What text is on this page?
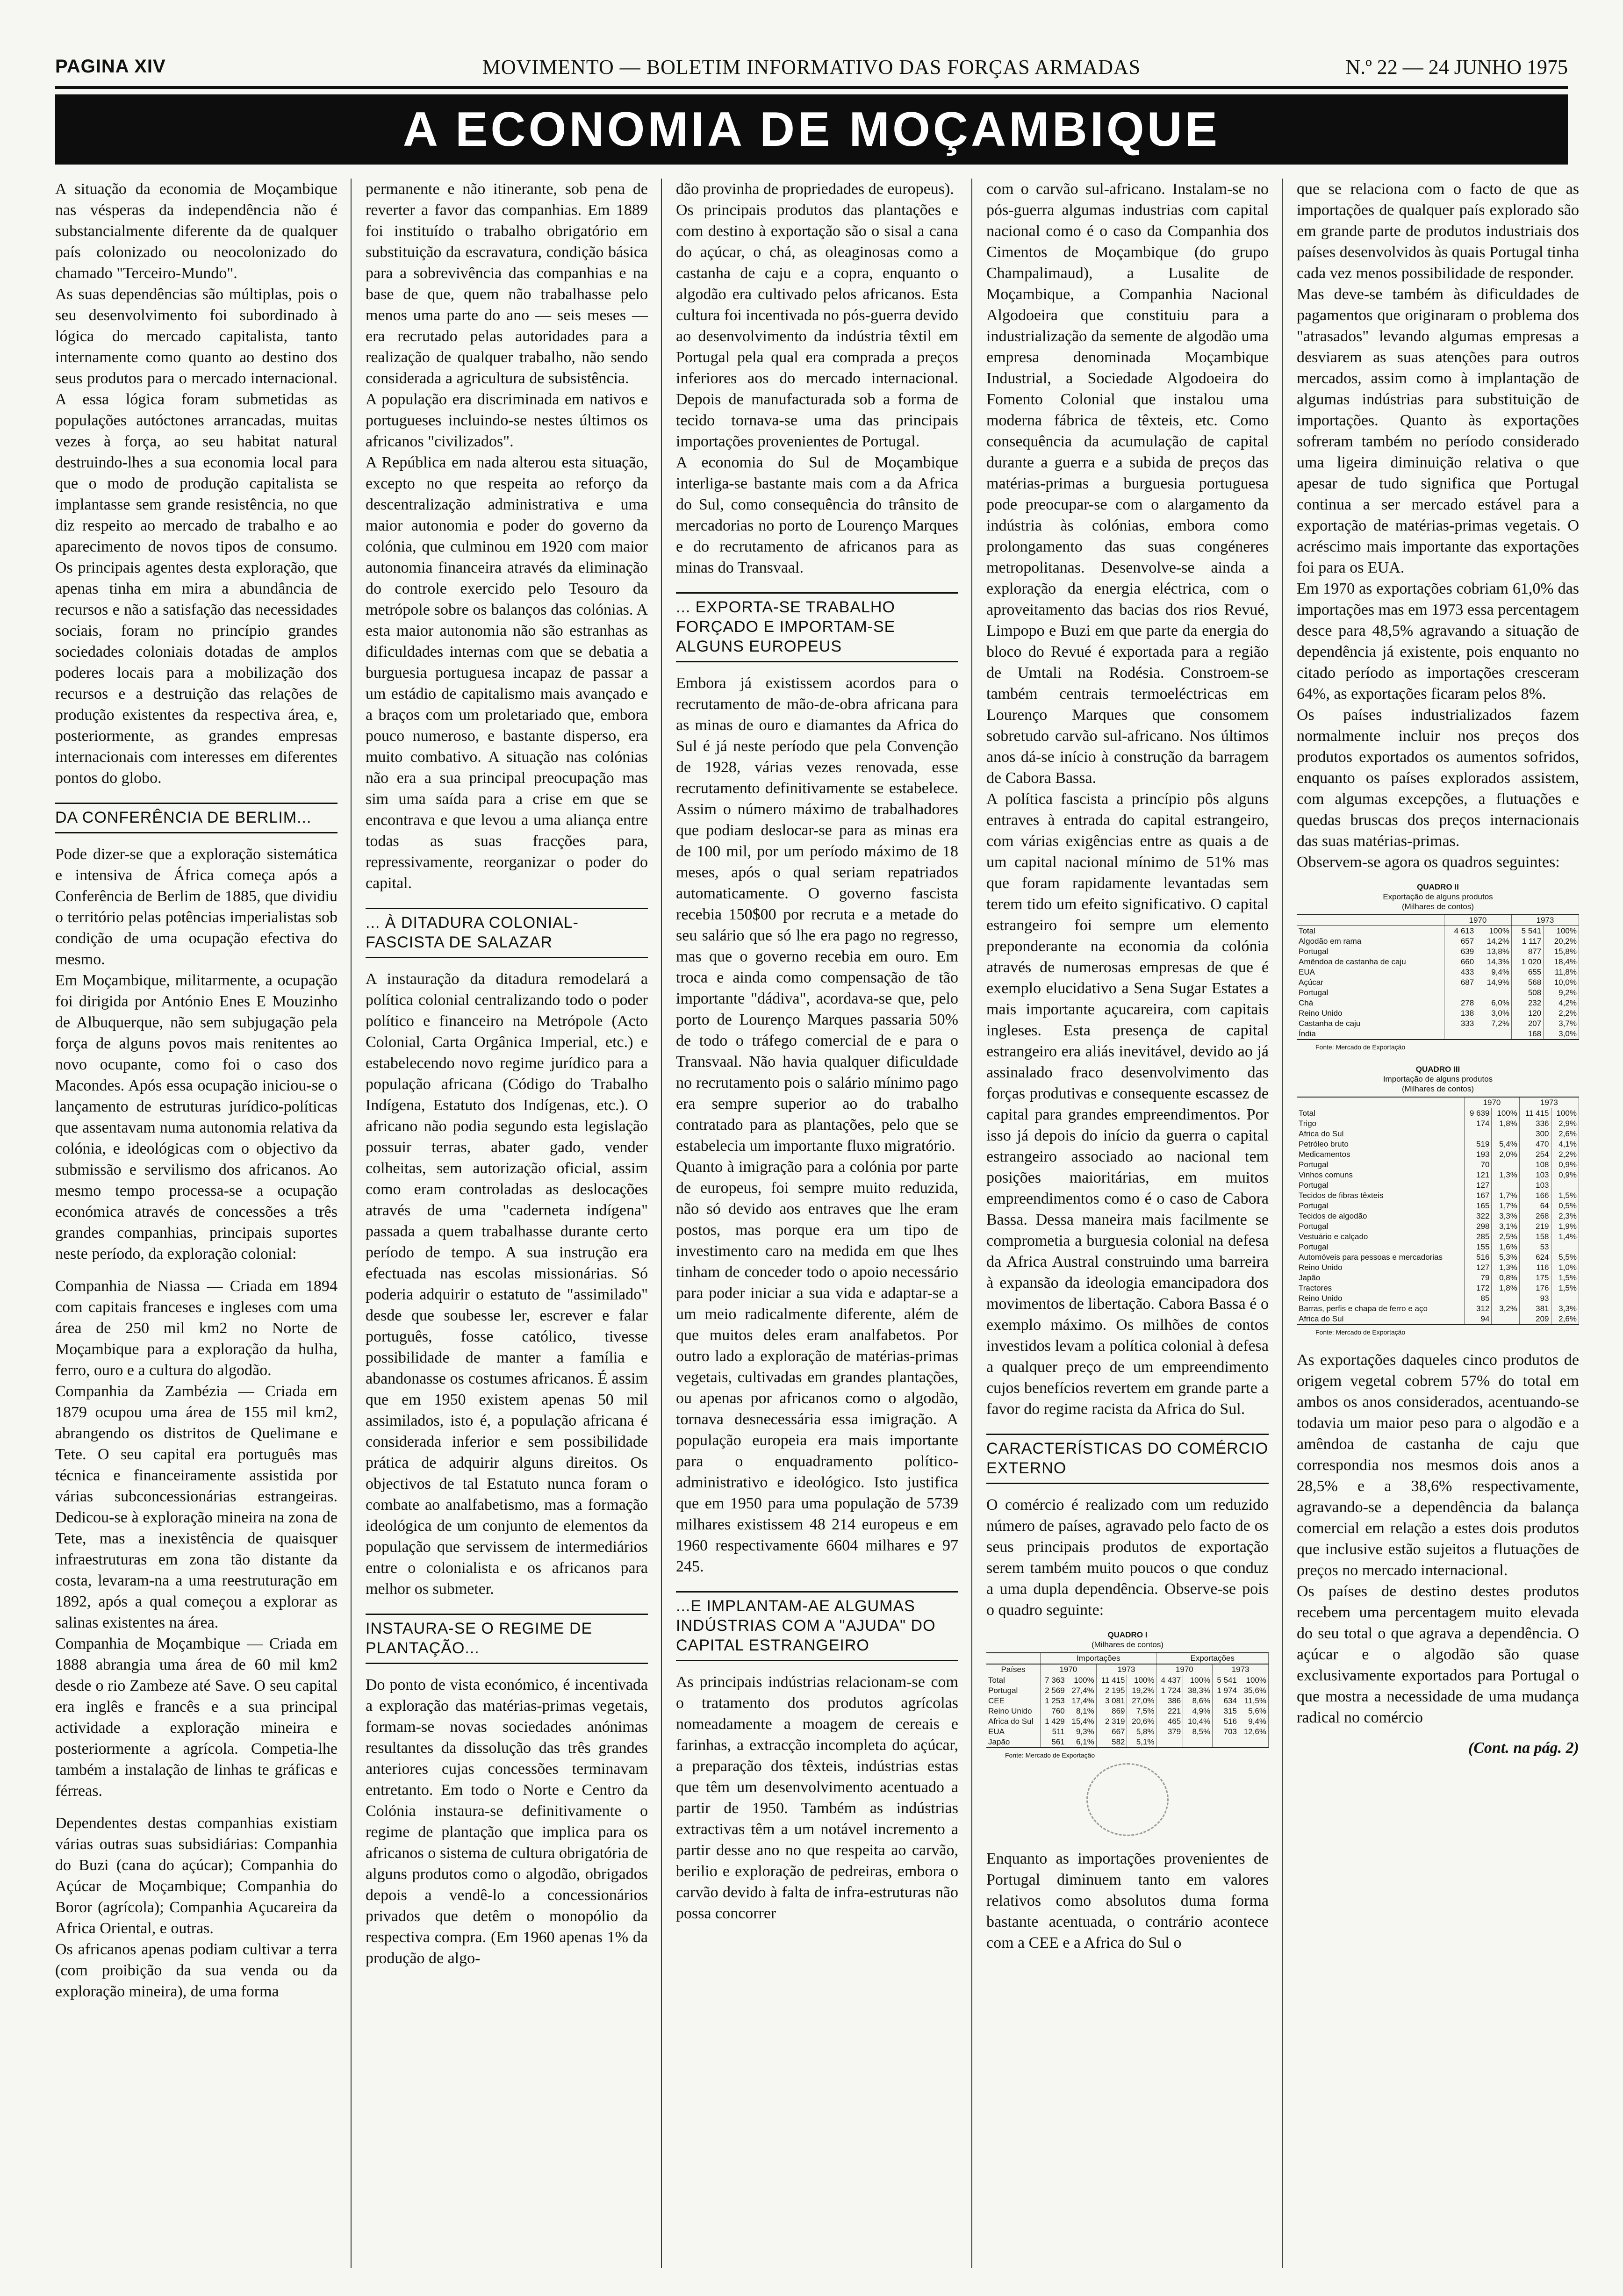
PAGINA XIV	MOVIMENTO — BOLETIM INFORMATIVO DAS FORÇAS ARMADAS	N.º 22 — 24 JUNHO 1975
A ECONOMIA DE MOÇAMBIQUE

A situação da economia de Moçambique nas vésperas da independência não é substancialmente diferente da de qualquer país colonizado ou neocolonizado do chamado "Terceiro-Mundo".

As suas dependências são múltiplas, pois o seu desenvolvimento foi subordinado à lógica do mercado capitalista, tanto internamente como quanto ao destino dos seus produtos para o mercado internacional. A essa lógica foram submetidas as populações autóctones arrancadas, muitas vezes à força, ao seu habitat natural destruindo-lhes a sua economia local para que o modo de produção capitalista se implantasse sem grande resistência, no que diz respeito ao mercado de trabalho e ao aparecimento de novos tipos de consumo. Os principais agentes desta exploração, que apenas tinha em mira a abundância de recursos e não a satisfação das necessidades sociais, foram no princípio grandes sociedades coloniais dotadas de amplos poderes locais para a mobilização dos recursos e a destruição das relações de produção existentes da respectiva área, e, posteriormente, as grandes empresas internacionais com interesses em diferentes pontos do globo.

DA CONFERÊNCIA DE BERLIM...

Pode dizer-se que a exploração sistemática e intensiva de África começa após a Conferência de Berlim de 1885, que dividiu o território pelas potências imperialistas sob condição de uma ocupação efectiva do mesmo.

Em Moçambique, militarmente, a ocupação foi dirigida por António Enes E Mouzinho de Albuquerque, não sem subjugação pela força de alguns povos mais renitentes ao novo ocupante, como foi o caso dos Macondes. Após essa ocupação iniciou-se o lançamento de estruturas jurídico-políticas que assentavam numa autonomia relativa da colónia, e ideológicas com o objectivo da submissão e servilismo dos africanos. Ao mesmo tempo processa-se a ocupação económica através de concessões a três grandes companhias, principais suportes neste período, da exploração colonial:

Companhia de Niassa — Criada em 1894 com capitais franceses e ingleses com uma área de 250 mil km2 no Norte de Moçambique para a exploração da hulha, ferro, ouro e a cultura do algodão.

Companhia da Zambézia — Criada em 1879 ocupou uma área de 155 mil km2, abrangendo os distritos de Quelimane e Tete. O seu capital era português mas técnica e financeiramente assistida por várias subconcessionárias estrangeiras. Dedicou-se à exploração mineira na zona de Tete, mas a inexistência de quaisquer infraestruturas em zona tão distante da costa, levaram-na a uma reestruturação em 1892, após a qual começou a explorar as salinas existentes na área.

Companhia de Moçambique — Criada em 1888 abrangia uma área de 60 mil km2 desde o rio Zambeze até Save. O seu capital era inglês e francês e a sua principal actividade a exploração mineira e posteriormente a agrícola. Competia-lhe também a instalação de linhas te gráficas e férreas.

Dependentes destas companhias existiam várias outras suas subsidiárias: Companhia do Buzi (cana do açúcar); Companhia do Açúcar de Moçambique; Companhia do Boror (agrícola); Companhia Açucareira da Africa Oriental, e outras.

Os africanos apenas podiam cultivar a terra (com proibição da sua venda ou da exploração mineira), de uma forma

permanente e não itinerante, sob pena de reverter a favor das companhias. Em 1889 foi instituído o trabalho obrigatório em substituição da escravatura, condição básica para a sobrevivência das companhias e na base de que, quem não trabalhasse pelo menos uma parte do ano — seis meses — era recrutado pelas autoridades para a realização de qualquer trabalho, não sendo considerada a agricultura de subsistência.

A população era discriminada em nativos e portugueses incluindo-se nestes últimos os africanos "civilizados".

A República em nada alterou esta situação, excepto no que respeita ao reforço da descentralização administrativa e uma maior autonomia e poder do governo da colónia, que culminou em 1920 com maior autonomia financeira através da eliminação do controle exercido pelo Tesouro da metrópole sobre os balanços das colónias. A esta maior autonomia não são estranhas as dificuldades internas com que se debatia a burguesia portuguesa incapaz de passar a um estádio de capitalismo mais avançado e a braços com um proletariado que, embora pouco numeroso, e bastante disperso, era muito combativo. A situação nas colónias não era a sua principal preocupação mas sim uma saída para a crise em que se encontrava e que levou a uma aliança entre todas as suas fracções para, repressivamente, reorganizar o poder do capital.

... À DITADURA COLONIAL-FASCISTA DE SALAZAR

A instauração da ditadura remodelará a política colonial centralizando todo o poder político e financeiro na Metrópole (Acto Colonial, Carta Orgânica Imperial, etc.) e estabelecendo novo regime jurídico para a população africana (Código do Trabalho Indígena, Estatuto dos Indígenas, etc.). O africano não podia segundo esta legislação possuir terras, abater gado, vender colheitas, sem autorização oficial, assim como eram controladas as deslocações através de uma "caderneta indígena" passada a quem trabalhasse durante certo período de tempo. A sua instrução era efectuada nas escolas missionárias. Só poderia adquirir o estatuto de "assimilado" desde que soubesse ler, escrever e falar português, fosse católico, tivesse possibilidade de manter a família e abandonasse os costumes africanos. É assim que em 1950 existem apenas 50 mil assimilados, isto é, a população africana é considerada inferior e sem possibilidade prática de adquirir alguns direitos. Os objectivos de tal Estatuto nunca foram o combate ao analfabetismo, mas a formação ideológica de um conjunto de elementos da população que servissem de intermediários entre o colonialista e os africanos para melhor os submeter.

INSTAURA-SE O REGIME DE PLANTAÇÃO...

Do ponto de vista económico, é incentivada a exploração das matérias-primas vegetais, formam-se novas sociedades anónimas resultantes da dissolução das três grandes anteriores cujas concessões terminavam entretanto. Em todo o Norte e Centro da Colónia instaura-se definitivamente o regime de plantação que implica para os africanos o sistema de cultura obrigatória de alguns produtos como o algodão, obrigados depois a vendê-lo a concessionários privados que detêm o monopólio da respectiva compra. (Em 1960 apenas 1% da produção de algo-

dão provinha de propriedades de europeus).

Os principais produtos das plantações e com destino à exportação são o sisal a cana do açúcar, o chá, as oleaginosas como a castanha de caju e a copra, enquanto o algodão era cultivado pelos africanos. Esta cultura foi incentivada no pós-guerra devido ao desenvolvimento da indústria têxtil em Portugal pela qual era comprada a preços inferiores aos do mercado internacional. Depois de manufacturada sob a forma de tecido tornava-se uma das principais importações provenientes de Portugal.

A economia do Sul de Moçambique interliga-se bastante mais com a da Africa do Sul, como consequência do trânsito de mercadorias no porto de Lourenço Marques e do recrutamento de africanos para as minas do Transvaal.

... EXPORTA-SE TRABALHO FORÇADO E IMPORTAM-SE ALGUNS EUROPEUS

Embora já existissem acordos para o recrutamento de mão-de-obra africana para as minas de ouro e diamantes da Africa do Sul é já neste período que pela Convenção de 1928, várias vezes renovada, esse recrutamento definitivamente se estabelece. Assim o número máximo de trabalhadores que podiam deslocar-se para as minas era de 100 mil, por um período máximo de 18 meses, após o qual seriam repatriados automaticamente. O governo fascista recebia 150$00 por recruta e a metade do seu salário que só lhe era pago no regresso, mas que o governo recebia em ouro. Em troca e ainda como compensação de tão importante "dádiva", acordava-se que, pelo porto de Lourenço Marques passaria 50% de todo o tráfego comercial de e para o Transvaal. Não havia qualquer dificuldade no recrutamento pois o salário mínimo pago era sempre superior ao do trabalho contratado para as plantações, pelo que se estabelecia um importante fluxo migratório.

Quanto à imigração para a colónia por parte de europeus, foi sempre muito reduzida, não só devido aos entraves que lhe eram postos, mas porque era um tipo de investimento caro na medida em que lhes tinham de conceder todo o apoio necessário para poder iniciar a sua vida e adaptar-se a um meio radicalmente diferente, além de que muitos deles eram analfabetos. Por outro lado a exploração de matérias-primas vegetais, cultivadas em grandes plantações, ou apenas por africanos como o algodão, tornava desnecessária essa imigração. A população europeia era mais importante para o enquadramento político-administrativo e ideológico. Isto justifica que em 1950 para uma população de 5739 milhares existissem 48 214 europeus e em 1960 respectivamente 6604 milhares e 97 245.

...E IMPLANTAM-AE ALGUMAS INDÚSTRIAS COM A "AJUDA" DO CAPITAL ESTRANGEIRO

As principais indústrias relacionam-se com o tratamento dos produtos agrícolas nomeadamente a moagem de cereais e farinhas, a extracção incompleta do açúcar, a preparação dos têxteis, indústrias estas que têm um desenvolvimento acentuado a partir de 1950. Também as indústrias extractivas têm a um notável incremento a partir desse ano no que respeita ao carvão, berilio e exploração de pedreiras, embora o carvão devido à falta de infra-estruturas não possa concorrer

com o carvão sul-africano. Instalam-se no pós-guerra algumas industrias com capital nacional como é o caso da Companhia dos Cimentos de Moçambique (do grupo Champalimaud), a Lusalite de Moçambique, a Companhia Nacional Algodoeira que constituiu para a industrialização da semente de algodão uma empresa denominada Moçambique Industrial, a Sociedade Algodoeira do Fomento Colonial que instalou uma moderna fábrica de têxteis, etc. Como consequência da acumulação de capital durante a guerra e a subida de preços das matérias-primas a burguesia portuguesa pode preocupar-se com o alargamento da indústria às colónias, embora como prolongamento das suas congéneres metropolitanas. Desenvolve-se ainda a exploração da energia eléctrica, com o aproveitamento das bacias dos rios Revué, Limpopo e Buzi em que parte da energia do bloco do Revué é exportada para a região de Umtali na Rodésia. Constroem-se também centrais termoeléctricas em Lourenço Marques que consomem sobretudo carvão sul-africano. Nos últimos anos dá-se início à construção da barragem de Cabora Bassa.

A política fascista a princípio pôs alguns entraves à entrada do capital estrangeiro, com várias exigências entre as quais a de um capital nacional mínimo de 51% mas que foram rapidamente levantadas sem terem tido um efeito significativo. O capital estrangeiro foi sempre um elemento preponderante na economia da colónia através de numerosas empresas de que é exemplo elucidativo a Sena Sugar Estates a mais importante açucareira, com capitais ingleses. Esta presença de capital estrangeiro era aliás inevitável, devido ao já assinalado fraco desenvolvimento das forças produtivas e consequente escassez de capital para grandes empreendimentos. Por isso já depois do início da guerra o capital estrangeiro associado ao nacional tem posições maioritárias, em muitos empreendimentos como é o caso de Cabora Bassa. Dessa maneira mais facilmente se comprometia a burguesia colonial na defesa da Africa Austral construindo uma barreira à expansão da ideologia emancipadora dos movimentos de libertação. Cabora Bassa é o exemplo máximo. Os milhões de contos investidos levam a política colonial à defesa a qualquer preço de um empreendimento cujos benefícios revertem em grande parte a favor do regime racista da Africa do Sul.

CARACTERÍSTICAS DO COMÉRCIO EXTERNO

O comércio é realizado com um reduzido número de países, agravado pelo facto de os seus principais produtos de exportação serem também muito poucos o que conduz a uma dupla dependência. Observe-se pois o quadro seguinte:

QUADRO I
(Milhares de contos)
	Importações				Exportações			
Países	1970		1973		1970		1973	
Total	7 363	100%	11 415	100%	4 437	100%	5 541	100%
Portugal	2 569	27,4%	2 195	19,2%	1 724	38,3%	1 974	35,6%
CEE	1 253	17,4%	3 081	27,0%	386	8,6%	634	11,5%
Reino Unido	760	8,1%	869	7,5%	221	4,9%	315	5,6%
Africa do Sul	1 429	15,4%	2 319	20,6%	465	10,4%	516	9,4%
EUA	511	9,3%	667	5,8%	379	8,5%	703	12,6%
Japão	561	6,1%	582	5,1%				
Fonte: Mercado de Exportação

Enquanto as importações provenientes de Portugal diminuem tanto em valores relativos como absolutos duma forma bastante acentuada, o contrário acontece com a CEE e a Africa do Sul o

que se relaciona com o facto de que as importações de qualquer país explorado são em grande parte de produtos industriais dos países desenvolvidos às quais Portugal tinha cada vez menos possibilidade de responder.

Mas deve-se também às dificuldades de pagamentos que originaram o problema dos "atrasados" levando algumas empresas a desviarem as suas atenções para outros mercados, assim como à implantação de algumas indústrias para substituição de importações. Quanto às exportações sofreram também no período considerado uma ligeira diminuição relativa o que apesar de tudo significa que Portugal continua a ser mercado estável para a exportação de matérias-primas vegetais. O acréscimo mais importante das exportações foi para os EUA.

Em 1970 as exportações cobriam 61,0% das importações mas em 1973 essa percentagem desce para 48,5% agravando a situação de dependência já existente, pois enquanto no citado período as importações cresceram 64%, as exportações ficaram pelos 8%.

Os países industrializados fazem normalmente incluir nos preços dos produtos exportados os aumentos sofridos, enquanto os países explorados assistem, com algumas excepções, a flutuações e quedas bruscas dos preços internacionais das suas matérias-primas.

Observem-se agora os quadros seguintes:

QUADRO II
Exportação de alguns produtos
(Milhares de contos)
	1970		1973	
Total	4 613	100%	5 541	100%
Algodão em rama	657	14,2%	1 117	20,2%
Portugal	639	13,8%	877	15,8%
Amêndoa de castanha de caju	660	14,3%	1 020	18,4%
EUA	433	9,4%	655	11,8%
Açúcar	687	14,9%	568	10,0%
Portugal			508	9,2%
Chá	278	6,0%	232	4,2%
Reino Unido	138	3,0%	120	2,2%
Castanha de caju	333	7,2%	207	3,7%
Índia			168	3,0%
Fonte: Mercado de Exportação
QUADRO III
Importação de alguns produtos
(Milhares de contos)
	1970		1973	
Total	9 639	100%	11 415	100%
Trigo	174	1,8%	336	2,9%
Africa do Sul			300	2,6%
Petróleo bruto	519	5,4%	470	4,1%
Medicamentos	193	2,0%	254	2,2%
Portugal	70		108	0,9%
Vinhos comuns	121	1,3%	103	0,9%
Portugal	127		103	
Tecidos de fibras têxteis	167	1,7%	166	1,5%
Portugal	165	1,7%	64	0,5%
Tecidos de algodão	322	3,3%	268	2,3%
Portugal	298	3,1%	219	1,9%
Vestuário e calçado	285	2,5%	158	1,4%
Portugal	155	1,6%	53	
Automóveis para pessoas e mercadorias	516	5,3%	624	5,5%
Reino Unido	127	1,3%	116	1,0%
Japão	79	0,8%	175	1,5%
Tractores	172	1,8%	176	1,5%
Reino Unido	85		93	
Barras, perfis e chapa de ferro e aço	312	3,2%	381	3,3%
Africa do Sul	94		209	2,6%
Fonte: Mercado de Exportação

As exportações daqueles cinco produtos de origem vegetal cobrem 57% do total em ambos os anos considerados, acentuando-se todavia um maior peso para o algodão e a amêndoa de castanha de caju que correspondia nos mesmos dois anos a 28,5% e a 38,6% respectivamente, agravando-se a dependência da balança comercial em relação a estes dois produtos que inclusive estão sujeitos a flutuações de preços no mercado internacional.

Os países de destino destes produtos recebem uma percentagem muito elevada do seu total o que agrava a dependência. O açúcar e o algodão são quase exclusivamente exportados para Portugal o que mostra a necessidade de uma mudança radical no comércio

(Cont. na pág. 2)
